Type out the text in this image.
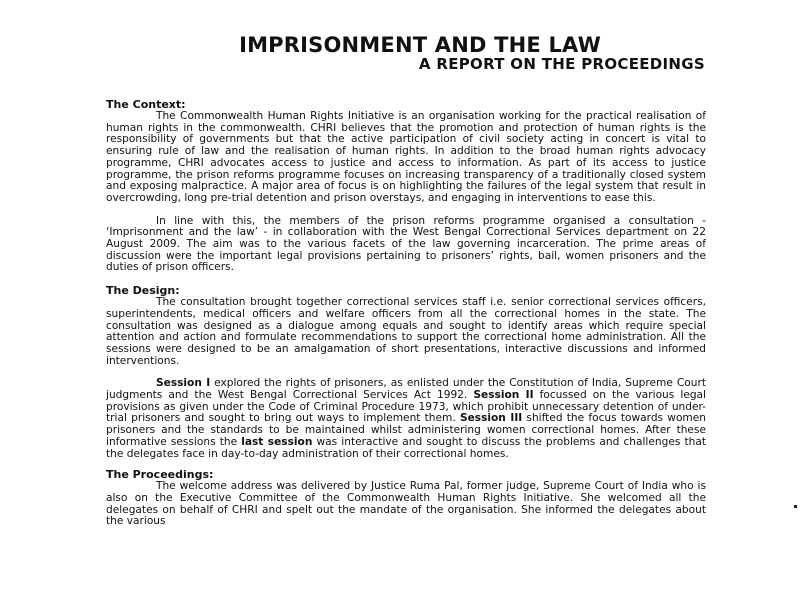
IMPRISONMENT AND THE LAW
A REPORT ON THE PROCEEDINGS
The Context:

The Commonwealth Human Rights Initiative is an organisation working for the practical realisation of human rights in the commonwealth. CHRI believes that the promotion and protection of human rights is the responsibility of governments but that the active participation of civil society acting in concert is vital to ensuring rule of law and the realisation of human rights. In addition to the broad human rights advocacy programme, CHRI advocates access to justice and access to information. As part of its access to justice programme, the prison reforms programme focuses on increasing transparency of a traditionally closed system and exposing malpractice. A major area of focus is on highlighting the failures of the legal system that result in overcrowding, long pre-trial detention and prison overstays, and engaging in interventions to ease this.

In line with this, the members of the prison reforms programme organised a consultation - ‘Imprisonment and the law’ - in collaboration with the West Bengal Correctional Services department on 22 August 2009. The aim was to the various facets of the law governing incarceration. The prime areas of discussion were the important legal provisions pertaining to prisoners’ rights, bail, women prisoners and the duties of prison officers.

The Design:

The consultation brought together correctional services staff i.e. senior correctional services officers, superintendents, medical officers and welfare officers from all the correctional homes in the state. The consultation was designed as a dialogue among equals and sought to identify areas which require special attention and action and formulate recommendations to support the correctional home administration. All the sessions were designed to be an amalgamation of short presentations, interactive discussions and informed interventions.

Session I explored the rights of prisoners, as enlisted under the Constitution of India, Supreme Court judgments and the West Bengal Correctional Services Act 1992. Session II focussed on the various legal provisions as given under the Code of Criminal Procedure 1973, which prohibit unnecessary detention of under-trial prisoners and sought to bring out ways to implement them. Session III shifted the focus towards women prisoners and the standards to be maintained whilst administering women correctional homes. After these informative sessions the last session was interactive and sought to discuss the problems and challenges that the delegates face in day-to-day administration of their correctional homes.

The Proceedings:

The welcome address was delivered by Justice Ruma Pal, former judge, Supreme Court of India who is also on the Executive Committee of the Commonwealth Human Rights Initiative. She welcomed all the delegates on behalf of CHRI and spelt out the mandate of the organisation. She informed the delegates about the various
